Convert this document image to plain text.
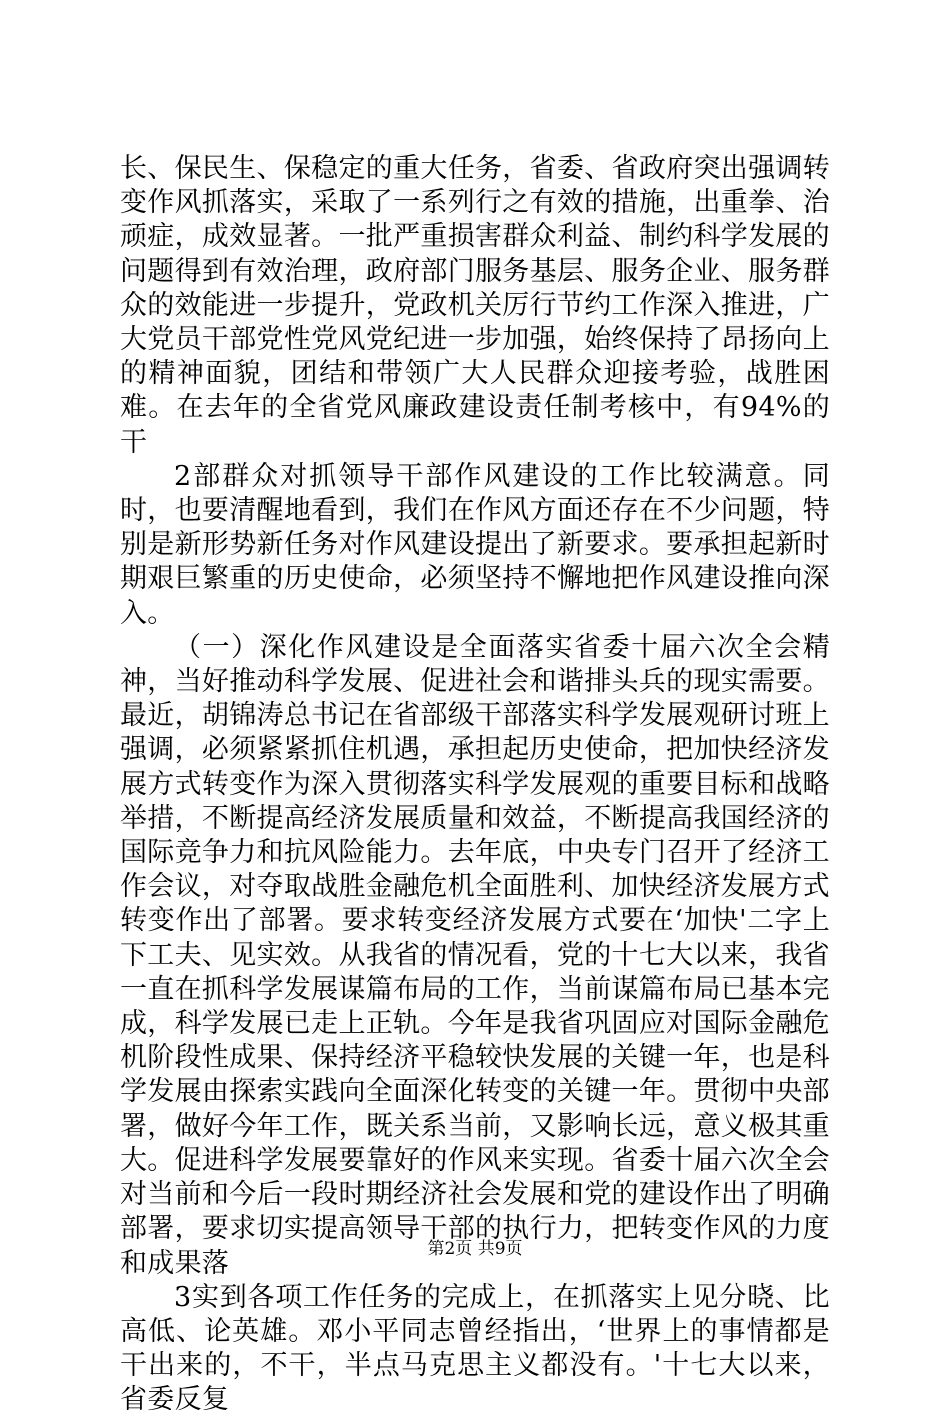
长、保民生、保稳定的重大任务，省委、省政府突出强调转变作风抓落实，采取了一系列行之有效的措施，出重拳、治顽症，成效显著。一批严重损害群众利益、制约科学发展的问题得到有效治理，政府部门服务基层、服务企业、服务群众的效能进一步提升，党政机关厉行节约工作深入推进，广大党员干部党性党风党纪进一步加强，始终保持了昂扬向上的精神面貌，团结和带领广大人民群众迎接考验，战胜困难。在去年的全省党风廉政建设责任制考核中，有94%的干

2部群众对抓领导干部作风建设的工作比较满意。同时，也要清醒地看到，我们在作风方面还存在不少问题，特别是新形势新任务对作风建设提出了新要求。要承担起新时期艰巨繁重的历史使命，必须坚持不懈地把作风建设推向深入。

（一）深化作风建设是全面落实省委十届六次全会精神，当好推动科学发展、促进社会和谐排头兵的现实需要。最近，胡锦涛总书记在省部级干部落实科学发展观研讨班上强调，必须紧紧抓住机遇，承担起历史使命，把加快经济发展方式转变作为深入贯彻落实科学发展观的重要目标和战略举措，不断提高经济发展质量和效益，不断提高我国经济的国际竞争力和抗风险能力。去年底，中央专门召开了经济工作会议，对夺取战胜金融危机全面胜利、加快经济发展方式转变作出了部署。要求转变经济发展方式要在‘加快'二字上下工夫、见实效。从我省的情况看，党的十七大以来，我省一直在抓科学发展谋篇布局的工作，当前谋篇布局已基本完成，科学发展已走上正轨。今年是我省巩固应对国际金融危机阶段性成果、保持经济平稳较快发展的关键一年，也是科学发展由探索实践向全面深化转变的关键一年。贯彻中央部署，做好今年工作，既关系当前，又影响长远，意义极其重大。促进科学发展要靠好的作风来实现。省委十届六次全会对当前和今后一段时期经济社会发展和党的建设作出了明确部署，要求切实提高领导干部的执行力，把转变作风的力度和成果落

3实到各项工作任务的完成上，在抓落实上见分晓、比高低、论英雄。邓小平同志曾经指出，‘世界上的事情都是干出来的，不干，半点马克思主义都没有。'十七大以来，省委反复

第2页 共9页
